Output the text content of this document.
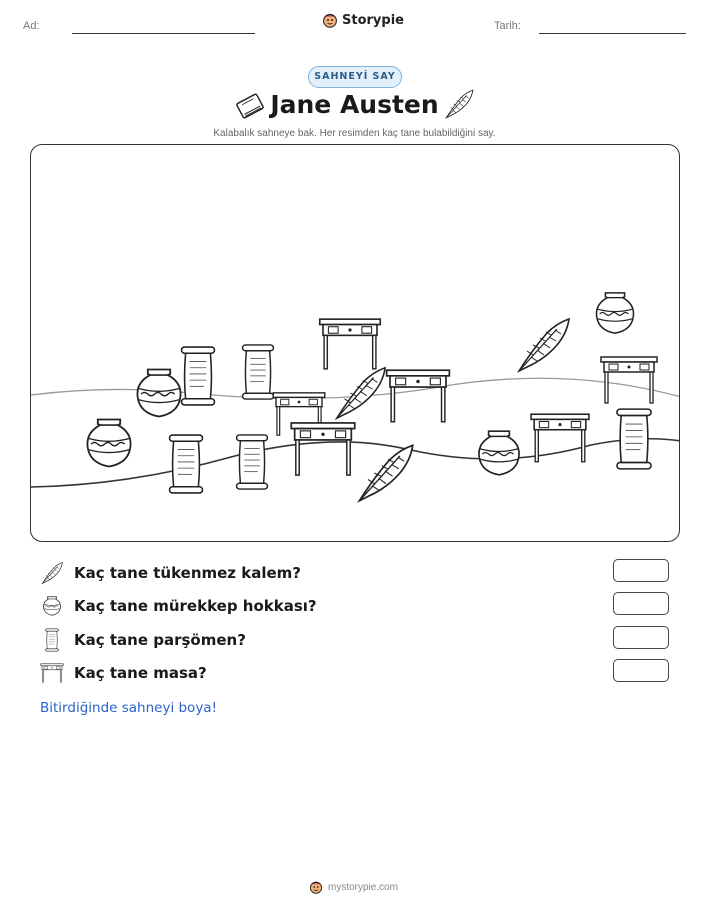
Ad:	Storypie	Tarih:
SAHNEYİ SAY
Jane Austen
Kalabalık sahneye bak. Her resimden kaç tane bulabildiğini say.
Kaç tane tükenmez kalem?
Kaç tane mürekkep hokkası?
Kaç tane parşömen?
Kaç tane masa?
Bitirdiğinde sahneyi boya!
mystorypie.com
